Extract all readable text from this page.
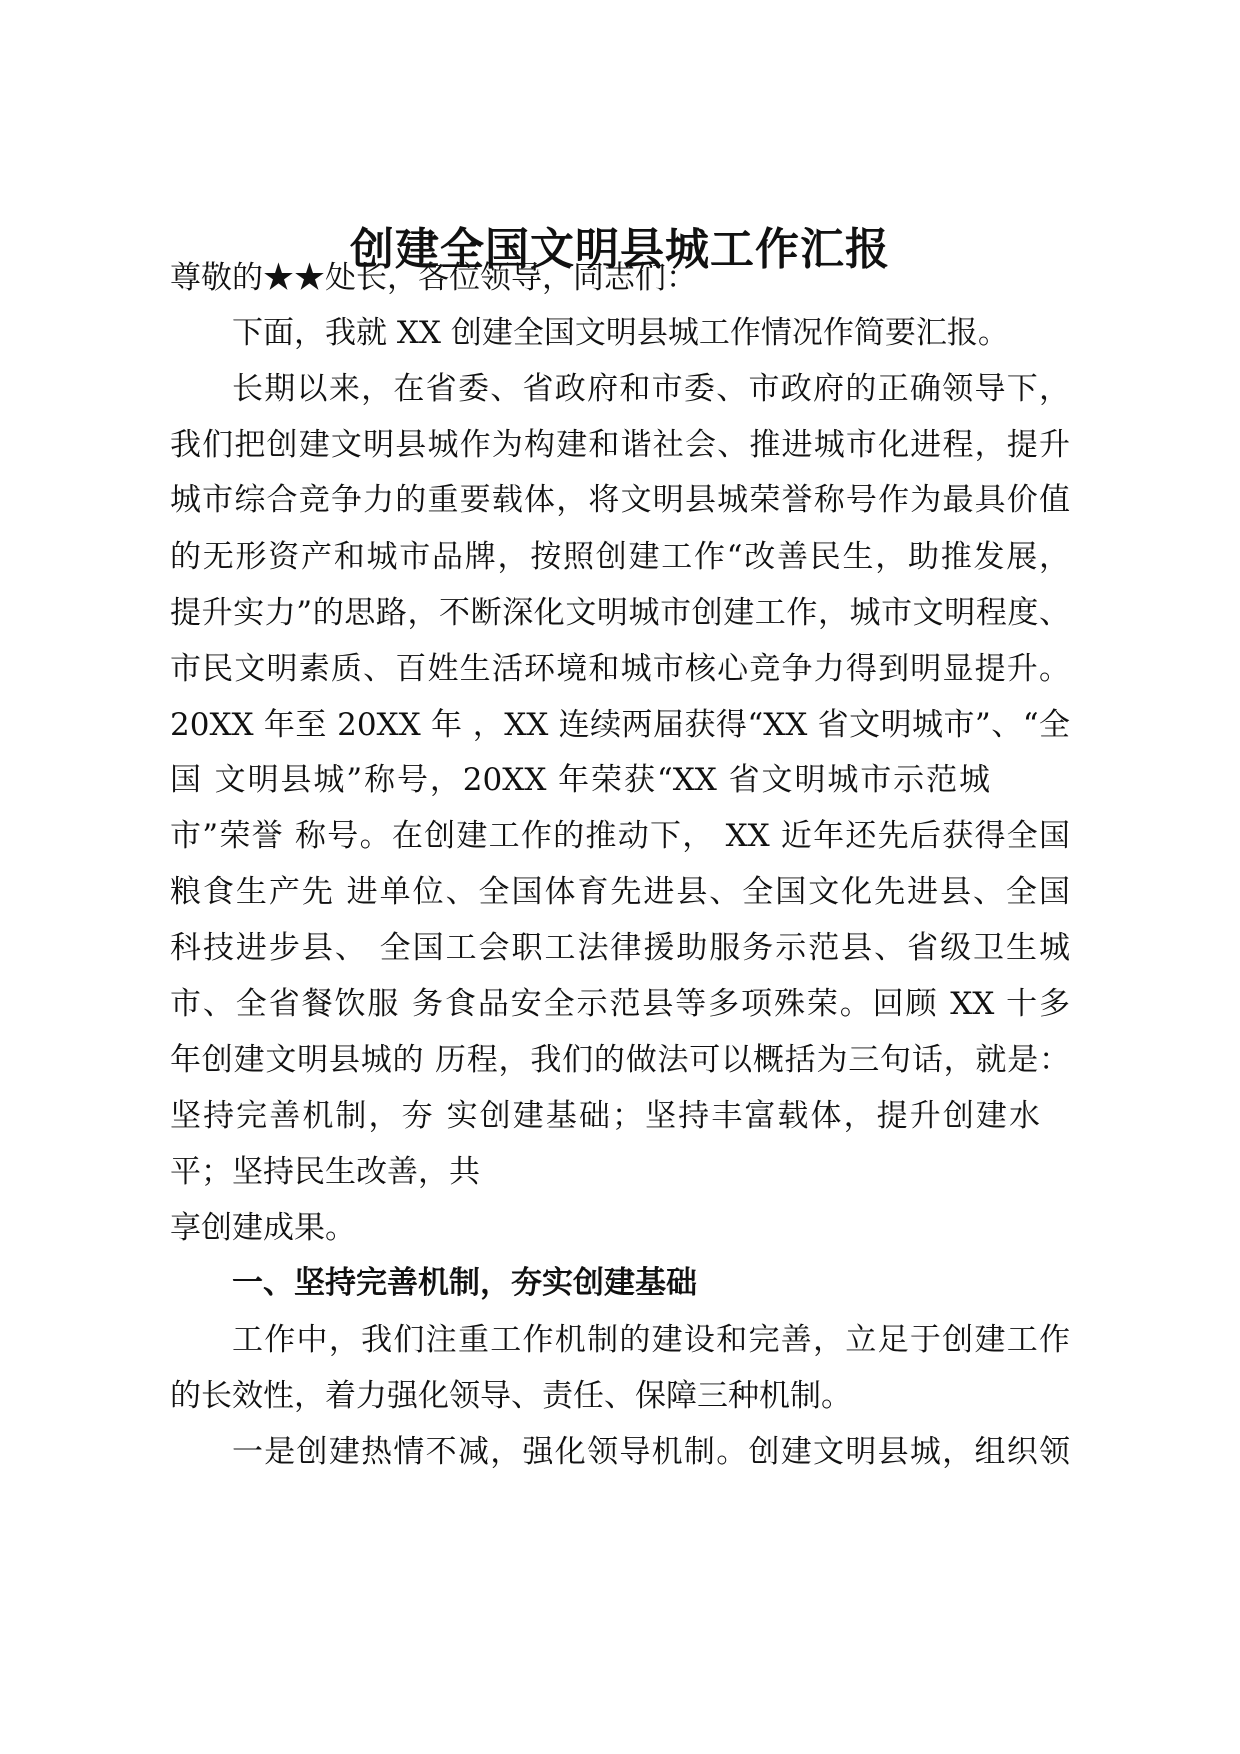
创建全国文明县城工作汇报

尊敬的★★处长，各位领导，同志们：

下面，我就 XX 创建全国文明县城工作情况作简要汇报。

长期以来，在省委、省政府和市委、市政府的正确领导下，

我们把创建文明县城作为构建和谐社会、推进城市化进程，提升

城市综合竞争力的重要载体，将文明县城荣誉称号作为最具价值

的无形资产和城市品牌，按照创建工作“改善民生，助推发展，

提升实力”的思路，不断深化文明城市创建工作，城市文明程度、

市民文明素质、百姓生活环境和城市核心竞争力得到明显提升。

20XX 年至 20XX 年 ，XX 连续两届获得“XX 省文明城市”、“全

国 文明县城”称号，20XX 年荣获“XX 省文明城市示范城

市”荣誉 称号。在创建工作的推动下， XX 近年还先后获得全国

粮食生产先 进单位、全国体育先进县、全国文化先进县、全国

科技进步县、 全国工会职工法律援助服务示范县、省级卫生城

市、全省餐饮服 务食品安全示范县等多项殊荣。回顾 XX 十多

年创建文明县城的 历程，我们的做法可以概括为三句话，就是：

坚持完善机制，夯 实创建基础；坚持丰富载体，提升创建水

平；坚持民生改善，共

享创建成果。

一、坚持完善机制，夯实创建基础

工作中，我们注重工作机制的建设和完善，立足于创建工作

的长效性，着力强化领导、责任、保障三种机制。

一是创建热情不减，强化领导机制。创建文明县城，组织领
